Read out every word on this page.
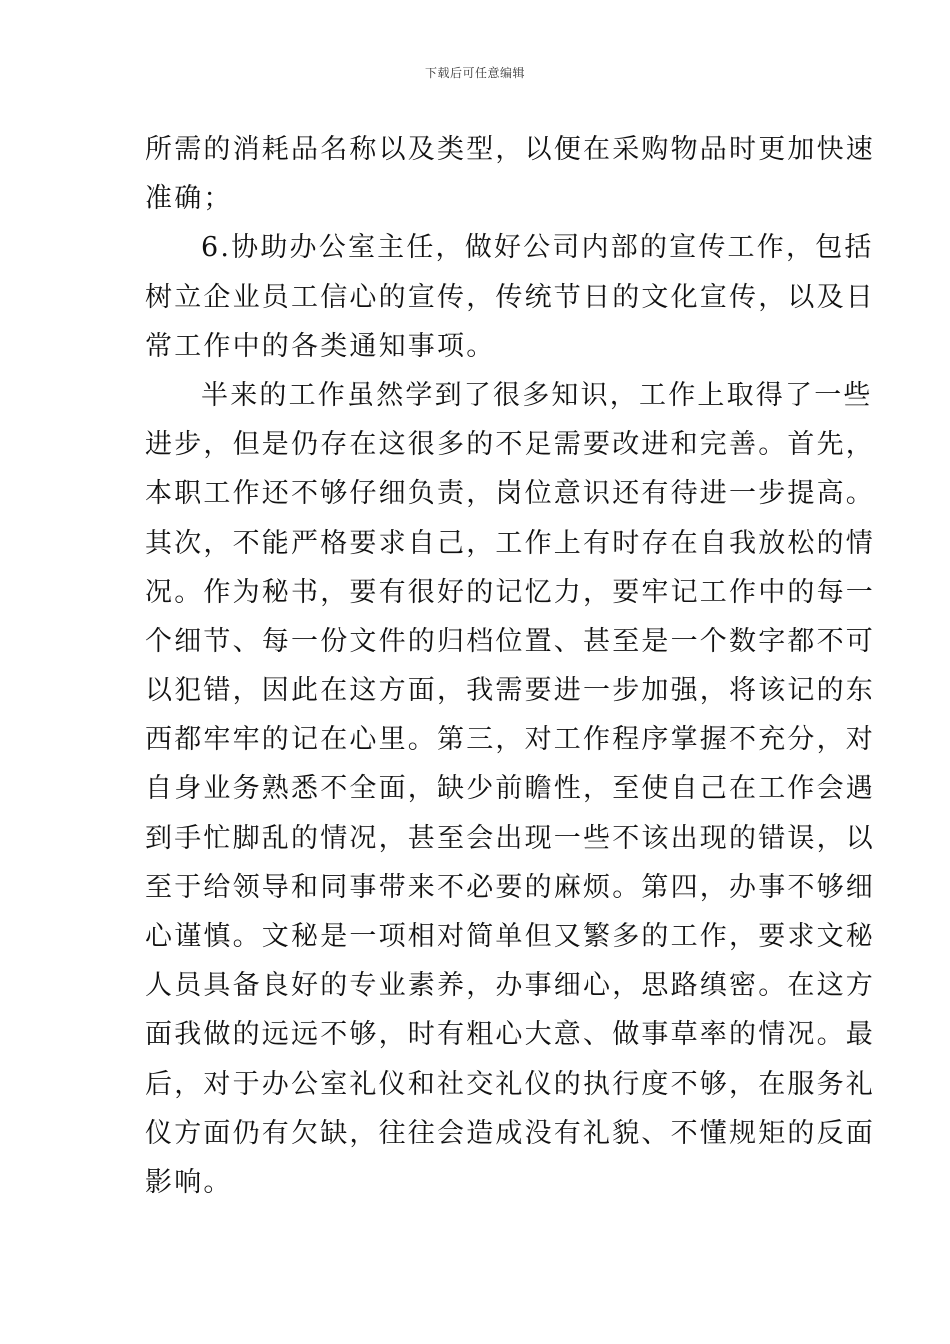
下载后可任意编辑
所需的消耗品名称以及类型，以便在采购物品时更加快速
准确；
6.协助办公室主任，做好公司内部的宣传工作，包括
树立企业员工信心的宣传，传统节日的文化宣传，以及日
常工作中的各类通知事项。
半来的工作虽然学到了很多知识，工作上取得了一些
进步，但是仍存在这很多的不足需要改进和完善。首先，
本职工作还不够仔细负责，岗位意识还有待进一步提高。
其次，不能严格要求自己，工作上有时存在自我放松的情
况。作为秘书，要有很好的记忆力，要牢记工作中的每一
个细节、每一份文件的归档位置、甚至是一个数字都不可
以犯错，因此在这方面，我需要进一步加强，将该记的东
西都牢牢的记在心里。第三，对工作程序掌握不充分，对
自身业务熟悉不全面，缺少前瞻性，至使自己在工作会遇
到手忙脚乱的情况，甚至会出现一些不该出现的错误，以
至于给领导和同事带来不必要的麻烦。第四，办事不够细
心谨慎。文秘是一项相对简单但又繁多的工作，要求文秘
人员具备良好的专业素养，办事细心，思路缜密。在这方
面我做的远远不够，时有粗心大意、做事草率的情况。最
后，对于办公室礼仪和社交礼仪的执行度不够，在服务礼
仪方面仍有欠缺，往往会造成没有礼貌、不懂规矩的反面
影响。
